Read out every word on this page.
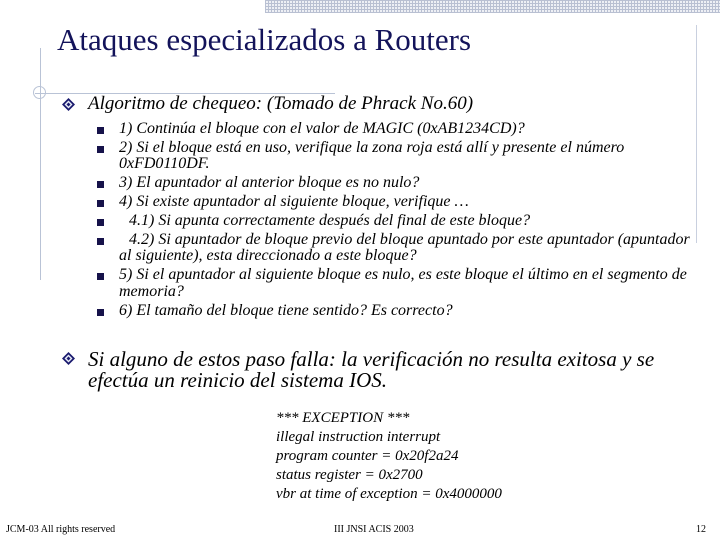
Ataques especializados a Routers
Algoritmo de chequeo: (Tomado de Phrack No.60)
1) Continúa el bloque con el valor de MAGIC (0xAB1234CD)?
2) Si el bloque está en uso, verifique la zona roja está allí y presente el número 0xFD0110DF.
3) El apuntador al anterior bloque es no nulo?
4) Si existe apuntador al siguiente bloque, verifique …
4.1) Si apunta correctamente después del final de este bloque?
4.2) Si apuntador de bloque previo del bloque apuntado por este apuntador (apuntador al siguiente), esta direccionado a este bloque?
5) Si el apuntador al siguiente bloque es nulo, es este bloque el último en el segmento de memoria?
6) El tamaño del bloque tiene sentido? Es correcto?
Si alguno de estos paso falla: la verificación no resulta exitosa y se efectúa un reinicio del sistema IOS.
*** EXCEPTION ***
illegal instruction interrupt
program counter = 0x20f2a24
status register = 0x2700
vbr at time of exception = 0x4000000
JCM-03 All rights reserved	III JNSI ACIS 2003	12
